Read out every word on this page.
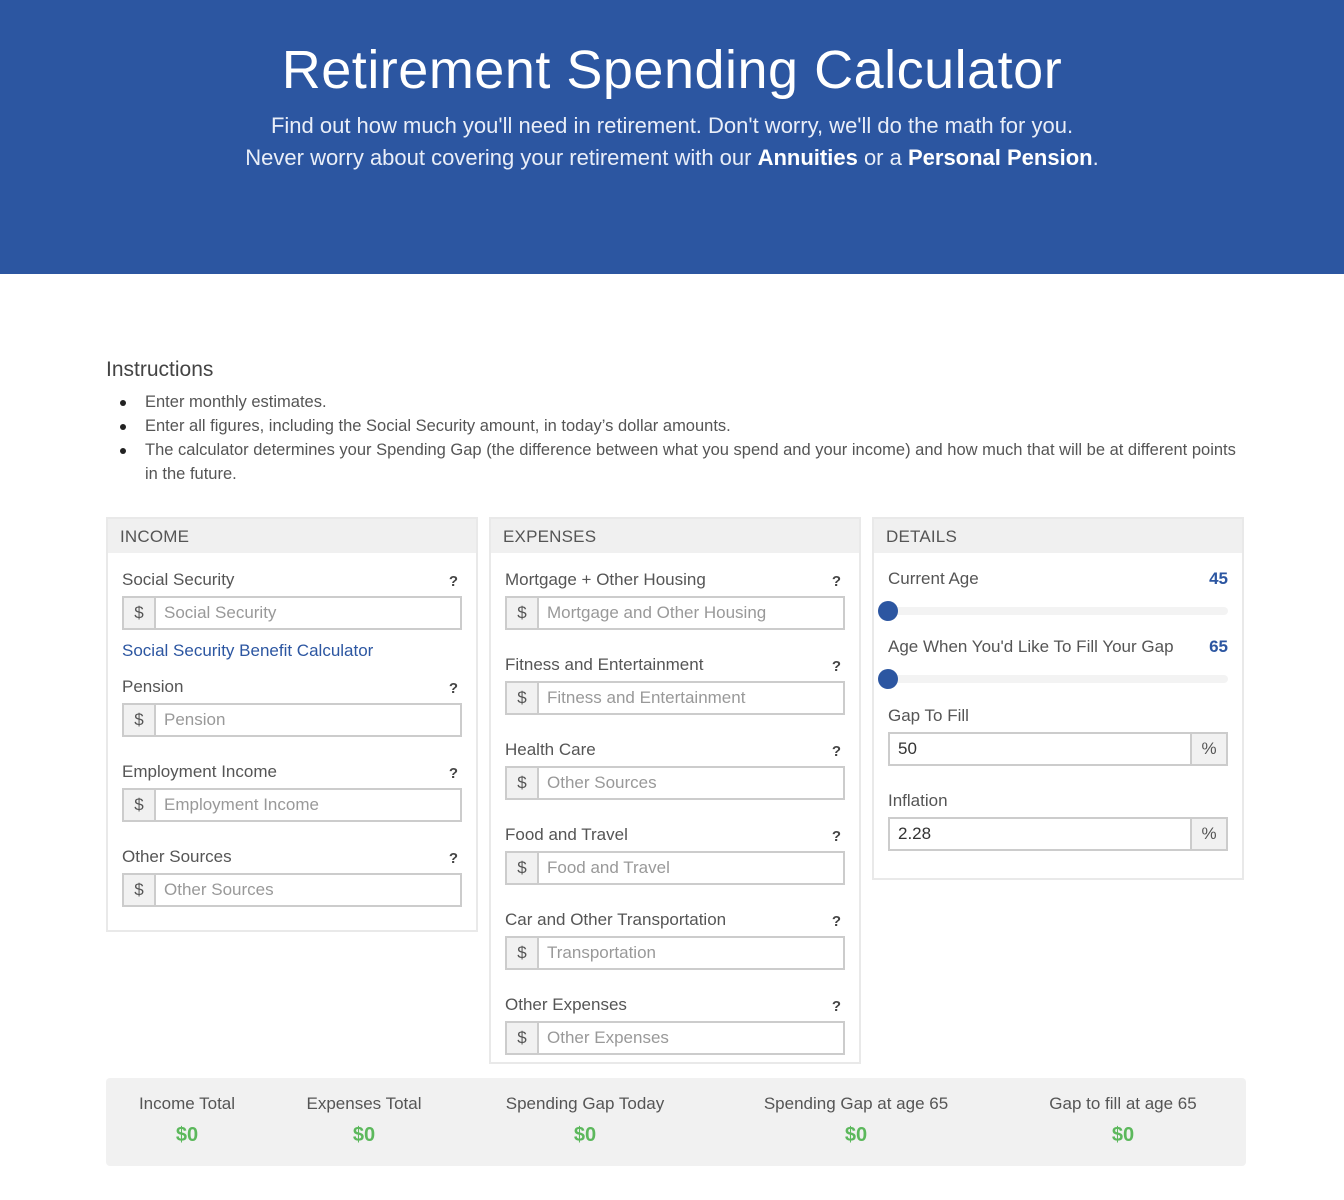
Retirement Spending Calculator
Find out how much you'll need in retirement. Don't worry, we'll do the math for you.
Never worry about covering your retirement with our Annuities or a Personal Pension.
Instructions
Enter monthly estimates.
Enter all figures, including the Social Security amount, in today’s dollar amounts.
The calculator determines your Spending Gap (the difference between what you spend and your income) and how much that will be at different points in the future.
INCOME
Social Security	?
$	Social Security
Social Security Benefit Calculator
Pension	?
$	Pension
Employment Income	?
$	Employment Income
Other Sources	?
$	Other Sources
EXPENSES
Mortgage + Other Housing	?
$	Mortgage and Other Housing
Fitness and Entertainment	?
$	Fitness and Entertainment
Health Care	?
$	Other Sources
Food and Travel	?
$	Food and Travel
Car and Other Transportation	?
$	Transportation
Other Expenses	?
$	Other Expenses
DETAILS
Current Age	45
Age When You'd Like To Fill Your Gap 65
Gap To Fill
50	%
Inflation
2.28	%
Income Total
$0
Expenses Total
$0
Spending Gap Today
$0
Spending Gap at age 65
$0
Gap to fill at age 65
$0
